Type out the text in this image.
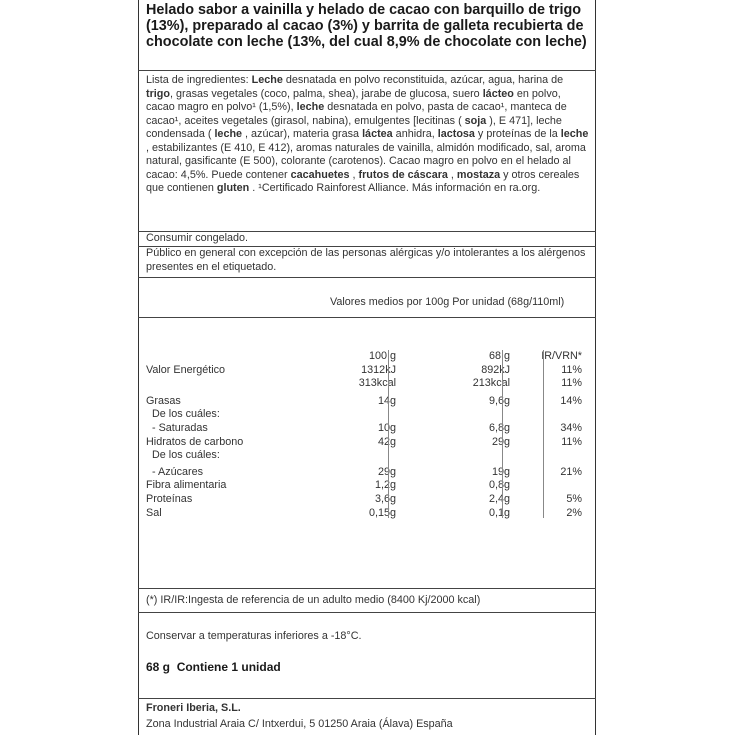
Helado sabor a vainilla y helado de cacao con barquillo de trigo (13%), preparado al cacao (3%) y barrita de galleta recubierta de chocolate con leche (13%, del cual 8,9% de chocolate con leche)
Lista de ingredientes: Leche desnatada en polvo reconstituida, azúcar, agua, harina de trigo, grasas vegetales (coco, palma, shea), jarabe de glucosa, suero lácteo en polvo, cacao magro en polvo¹ (1,5%), leche desnatada en polvo, pasta de cacao¹, manteca de cacao¹, aceites vegetales (girasol, nabina), emulgentes [lecitinas ( soja ), E 471], leche condensada ( leche , azúcar), materia grasa láctea anhidra, lactosa y proteínas de la leche , estabilizantes (E 410, E 412), aromas naturales de vainilla, almidón modificado, sal, aroma natural, gasificante (E 500), colorante (carotenos). Cacao magro en polvo en el helado al cacao: 4,5%. Puede contener cacahuetes , frutos de cáscara , mostaza y otros cereales que contienen gluten . ¹Certificado Rainforest Alliance. Más información en ra.org.
Consumir congelado.
Público en general con excepción de las personas alérgicas y/o intolerantes a los alérgenos presentes en el etiquetado.
Valores medios por 100g Por unidad (68g/110ml)
100 g	68 g	IR/VRN*
Valor Energético	1312kJ	892kJ	11%
313kcal	213kcal	11%
Grasas	14g	9,6g	14%
De los cuáles:
- Saturadas	10g	6,8g	34%
Hidratos de carbono	42g	29g	11%
De los cuáles:
- Azúcares	29g	19g	21%
Fibra alimentaria	1,2g	0,8g
Proteínas	3,6g	2,4g	5%
Sal	0,15g	0,1g	2%
(*) IR/IR:Ingesta de referencia de un adulto medio (8400 Kj/2000 kcal)
Conservar a temperaturas inferiores a -18°C.
68 g Contiene 1 unidad
Froneri Iberia, S.L.
Zona Industrial Araia C/ Intxerdui, 5 01250 Araia (Álava) España
